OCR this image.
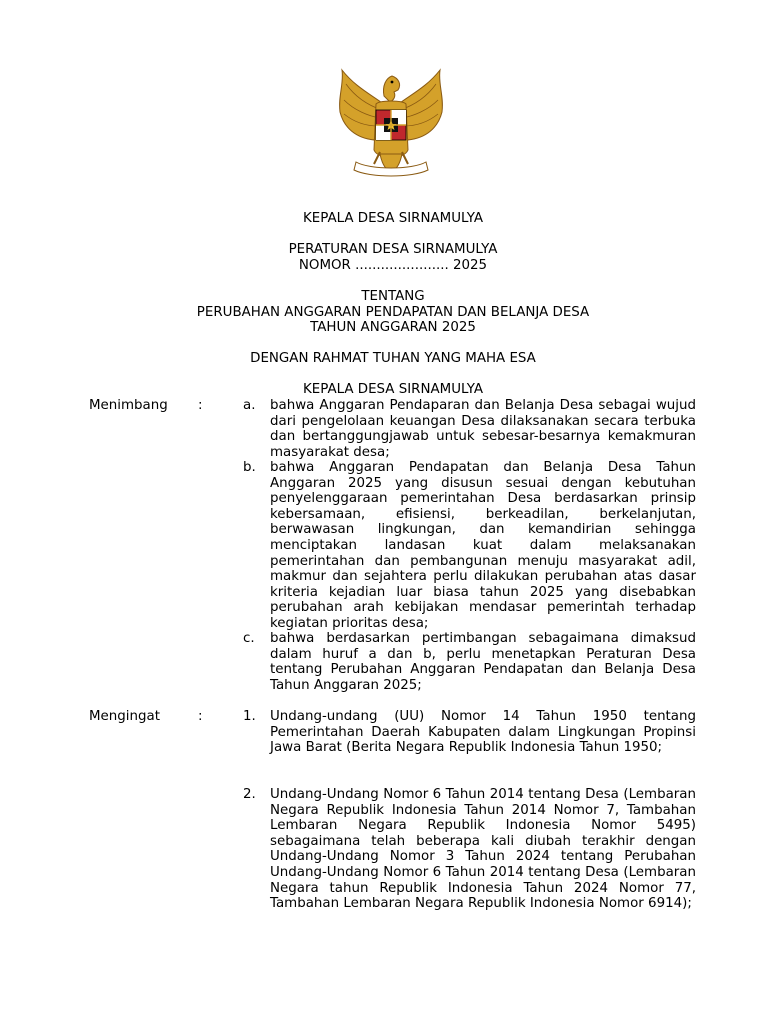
KEPALA DESA SIRNAMULYA
PERATURAN DESA SIRNAMULYA
NOMOR ...................... 2025
TENTANG
PERUBAHAN ANGGARAN PENDAPATAN DAN BELANJA DESA
TAHUN ANGGARAN 2025
DENGAN RAHMAT TUHAN YANG MAHA ESA
KEPALA DESA SIRNAMULYA
Menimbang :	a. bahwa Anggaran Pendaparan dan Belanja Desa sebagai wujud dari pengelolaan keuangan Desa dilaksanakan secara terbuka dan bertanggungjawab untuk sebesar-besarnya kemakmuran masyarakat desa;
b. bahwa Anggaran Pendapatan dan Belanja Desa Tahun Anggaran 2025 yang disusun sesuai dengan kebutuhan penyelenggaraan pemerintahan Desa berdasarkan prinsip kebersamaan, efisiensi, berkeadilan, berkelanjutan, berwawasan lingkungan, dan kemandirian sehingga menciptakan landasan kuat dalam melaksanakan pemerintahan dan pembangunan menuju masyarakat adil, makmur dan sejahtera perlu dilakukan perubahan atas dasar kriteria kejadian luar biasa tahun 2025 yang disebabkan perubahan arah kebijakan mendasar pemerintah terhadap kegiatan prioritas desa;
c. bahwa berdasarkan pertimbangan sebagaimana dimaksud dalam huruf a dan b, perlu menetapkan Peraturan Desa tentang Perubahan Anggaran Pendapatan dan Belanja Desa Tahun Anggaran 2025;
Mengingat	:	1. Undang-undang (UU) Nomor 14 Tahun 1950 tentang Pemerintahan Daerah Kabupaten dalam Lingkungan Propinsi Jawa Barat (Berita Negara Republik Indonesia Tahun 1950;
2. Undang-Undang Nomor 6 Tahun 2014 tentang Desa (Lembaran Negara Republik Indonesia Tahun 2014 Nomor 7, Tambahan Lembaran Negara Republik Indonesia Nomor 5495) sebagaimana telah beberapa kali diubah terakhir dengan Undang-Undang Nomor 3 Tahun 2024 tentang Perubahan Undang-Undang Nomor 6 Tahun 2014 tentang Desa (Lembaran Negara tahun Republik Indonesia Tahun 2024 Nomor 77, Tambahan Lembaran Negara Republik Indonesia Nomor 6914);
